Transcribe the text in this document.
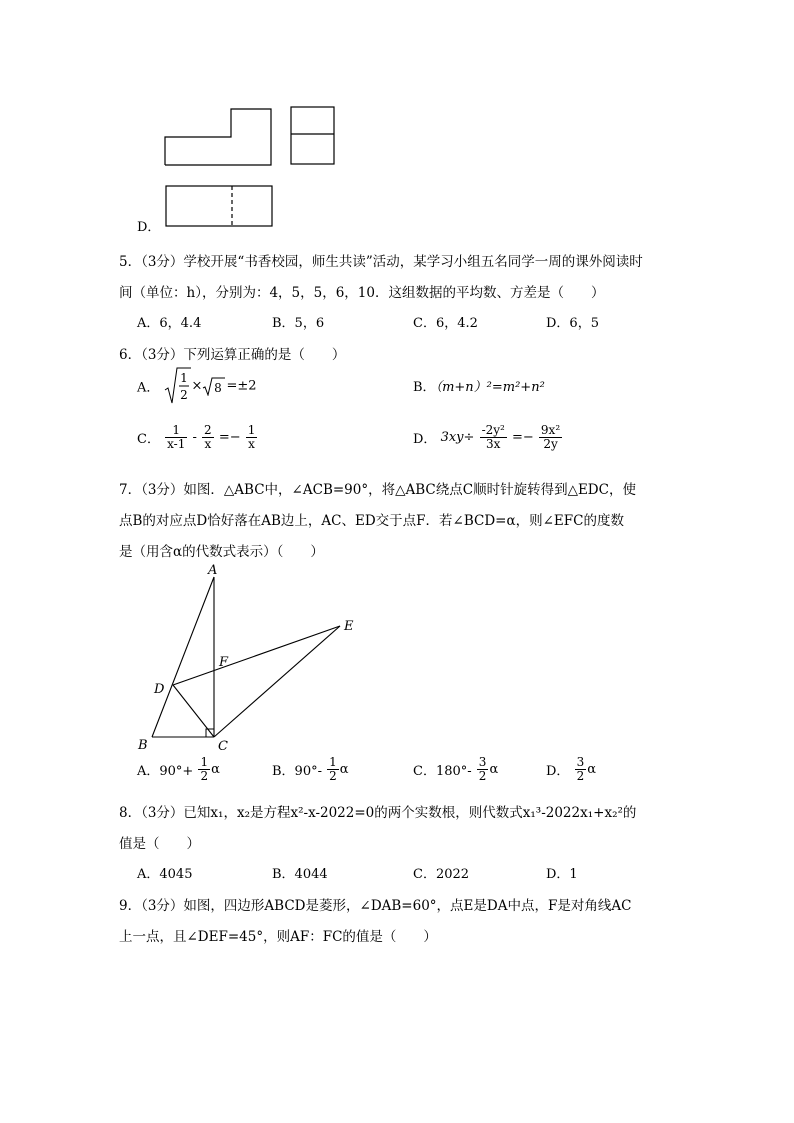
D．
5．（3分）学校开展“书香校园，师生共读”活动，某学习小组五名同学一周的课外阅读时
间（单位：h），分别为：4，5，5，6，10．这组数据的平均数、方差是（　　）
A．6，4.4	B．5，6	C．6，4.2	D．6，5
6．（3分）下列运算正确的是（　　）
A．
1
2
× 8 =±2	B．（m+n）²=m²+n²
C． $\frac{1}{x-1} - \frac{2}{x} =- \frac{1}{x}$	D． $3xy\div \frac{\text{-2y²}}{3x} =- \frac{\text{9x²}}{2y}$
7．（3分）如图．△ABC中，∠ACB=90°，将△ABC绕点C顺时针旋转得到△EDC，使
点B的对应点D恰好落在AB边上，AC、ED交于点F．若∠BCD=α，则∠EFC的度数
是（用含α的代数式表示）（　　）
A
B	C
D
E
F
A．$90^\circ+ \frac{1}{2}$ α	B．$90^\circ- \frac{1}{2}$ α	C．$180^\circ- \frac{3}{2}$ α	D． $\frac{3}{2}$ α
8．（3分）已知x₁，x₂是方程x²-x-2022=0的两个实数根，则代数式x₁³-2022x₁+x₂²的
值是（　　）
A．4045	B．4044	C．2022	D．1
9．（3分）如图，四边形ABCD是菱形，∠DAB=60°，点E是DA中点，F是对角线AC
上一点，且∠DEF=45°，则AF：FC的值是（　　）
